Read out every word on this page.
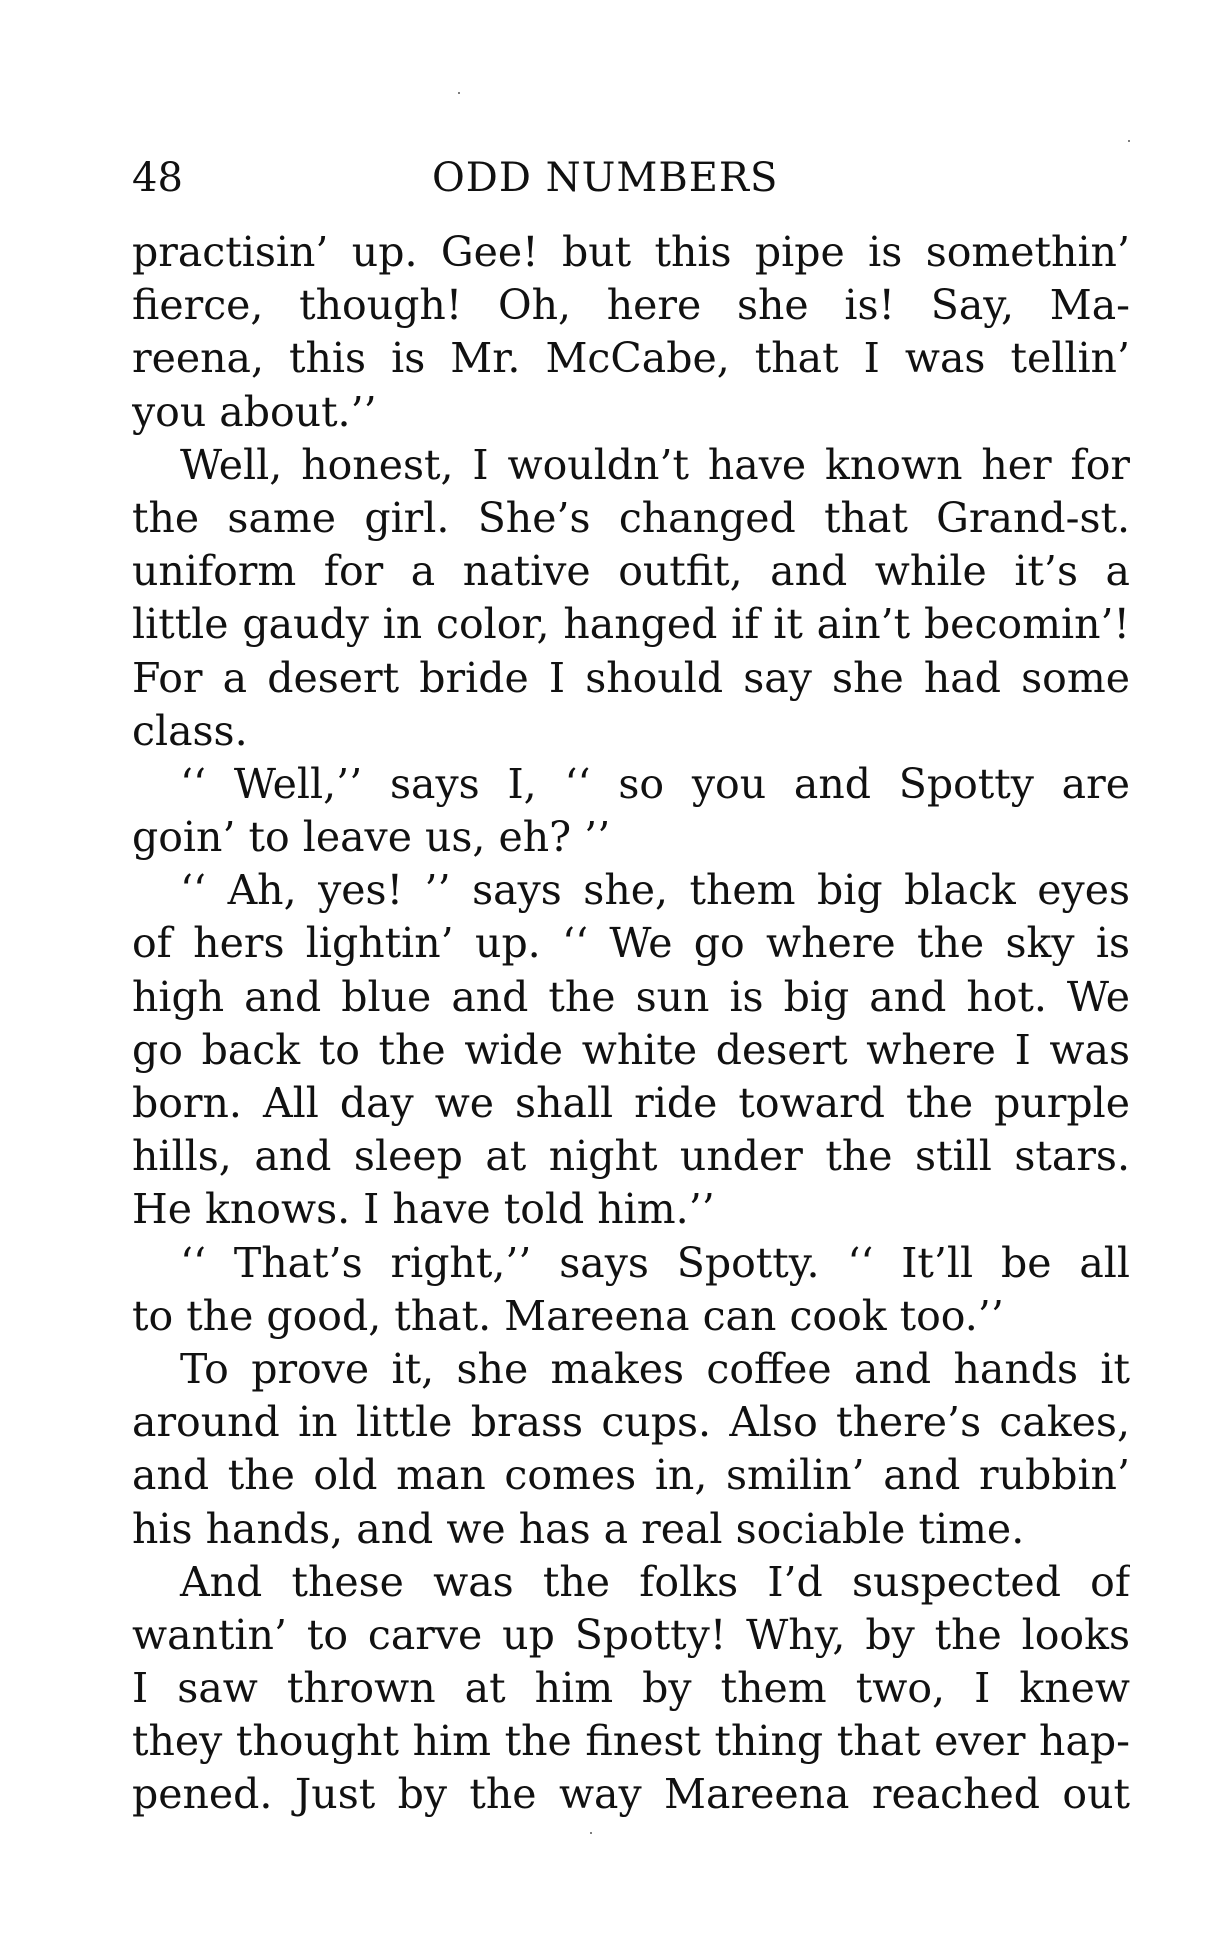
48	ODD NUMBERS
practisin’ up. Gee! but this pipe is somethin’
fierce, though! Oh, here she is! Say, Ma-
reena, this is Mr. McCabe, that I was tellin’
you about.’’
Well, honest, I wouldn’t have known her for
the same girl. She’s changed that Grand-st.
uniform for a native outfit, and while it’s a
little gaudy in color, hanged if it ain’t becomin’!
For a desert bride I should say she had some
class.
‘‘ Well,’’ says I, ‘‘ so you and Spotty are
goin’ to leave us, eh? ’’
‘‘ Ah, yes! ’’ says she, them big black eyes
of hers lightin’ up. ‘‘ We go where the sky is
high and blue and the sun is big and hot. We
go back to the wide white desert where I was
born. All day we shall ride toward the purple
hills, and sleep at night under the still stars.
He knows. I have told him.’’
‘‘ That’s right,’’ says Spotty. ‘‘ It’ll be all
to the good, that. Mareena can cook too.’’
To prove it, she makes coffee and hands it
around in little brass cups. Also there’s cakes,
and the old man comes in, smilin’ and rubbin’
his hands, and we has a real sociable time.
And these was the folks I’d suspected of
wantin’ to carve up Spotty! Why, by the looks
I saw thrown at him by them two, I knew
they thought him the finest thing that ever hap-
pened. Just by the way Mareena reached out
